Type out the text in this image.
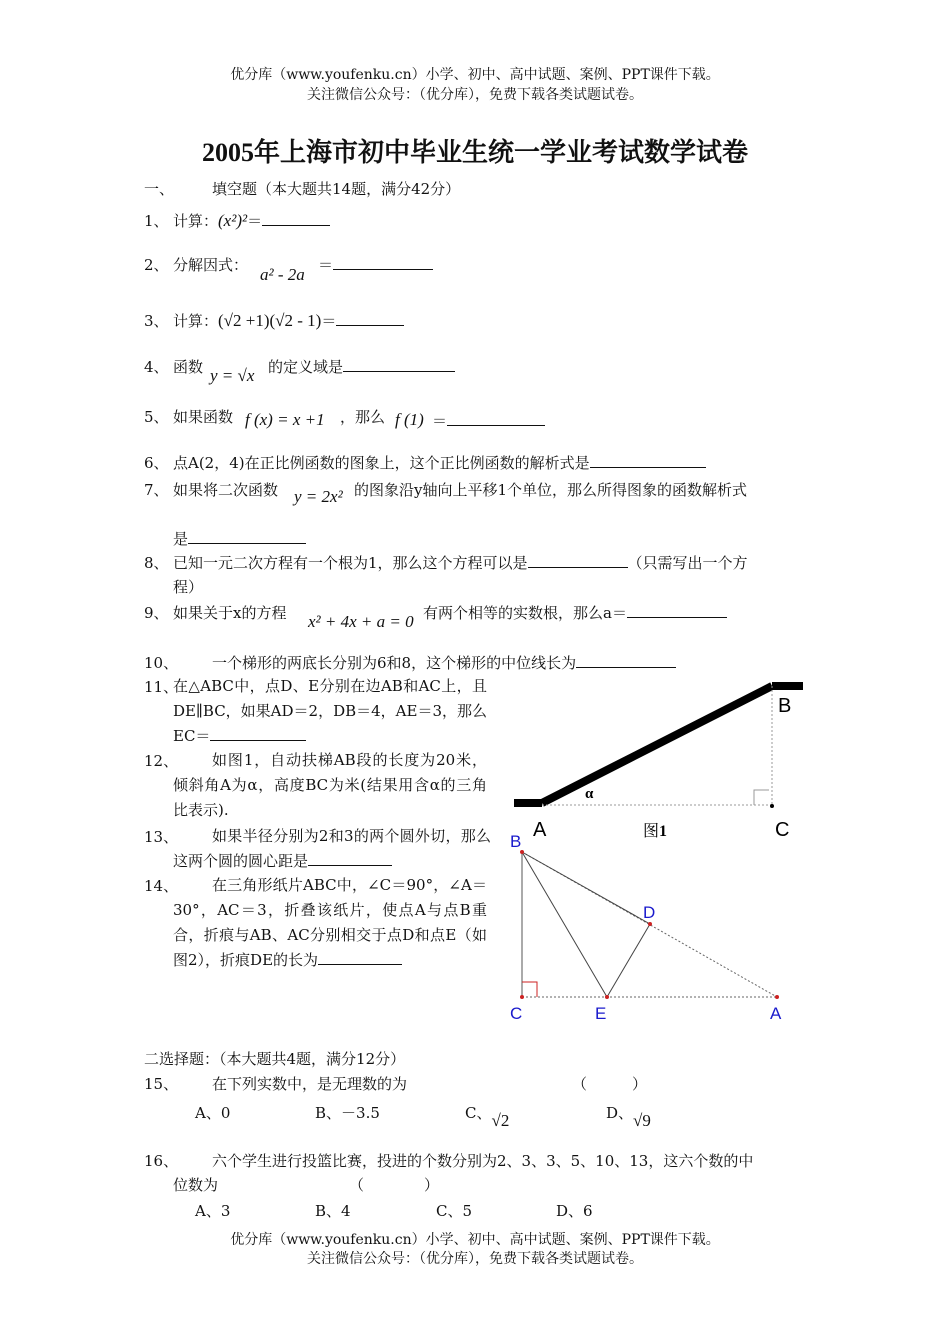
优分库（www.youfenku.cn）小学、初中、高中试题、案例、PPT课件下载。
关注微信公众号：（优分库），免费下载各类试题试卷。
2005年上海市初中毕业生统一学业考试数学试卷
一、	填空题（本大题共14题，满分42分）
1、 计算：(x²)²＝
2、 分解因式： a² - 2a ＝
3、 计算：(√2 +1)(√2 - 1)＝
4、 函数 y = √x 的定义域是
5、 如果函数 f (x) = x +1 ，那么 f (1) ＝
6、 点A(2，4)在正比例函数的图象上，这个正比例函数的解析式是
7、 如果将二次函数 y = 2x² 的图象沿y轴向上平移1个单位，那么所得图象的函数解析式
是
8、 已知一元二次方程有一个根为1，那么这个方程可以是	（只需写出一个方
程）
9、 如果关于x的方程 x² + 4x + a = 0 有两个相等的实数根，那么a＝
10、 一个梯形的两底长分别为6和8，这个梯形的中位线长为
11、
在△ABC中，点D、E分别在边AB和AC上，且DE∥BC，如果AD＝2，DB＝4，AE＝3，那么EC＝
12、	如图1，自动扶梯AB段的长度为20米，倾斜角A为α，高度BC为米(结果用含α的三角比表示).
13、	如果半径分别为2和3的两个圆外切，那么这两个圆的圆心距是
14、	在三角形纸片ABC中，∠C＝90°，∠A＝30°，AC＝3，折叠该纸片，使点A与点B重合，折痕与AB、AC分别相交于点D和点E（如图2），折痕DE的长为
B
A	C
α
图1
B
C
D
E	A
二选择题：（本大题共4题，满分12分）
15、 在下列实数中，是无理数的为	（　　　）
A、0	B、－3.5	C、√2	D、√9
16、 六个学生进行投篮比赛，投进的个数分别为2、3、3、5、10、13，这六个数的中
位数为	（　　　　）
A、3	B、4	C、5	D、6
优分库（www.youfenku.cn）小学、初中、高中试题、案例、PPT课件下载。
关注微信公众号：（优分库），免费下载各类试题试卷。
